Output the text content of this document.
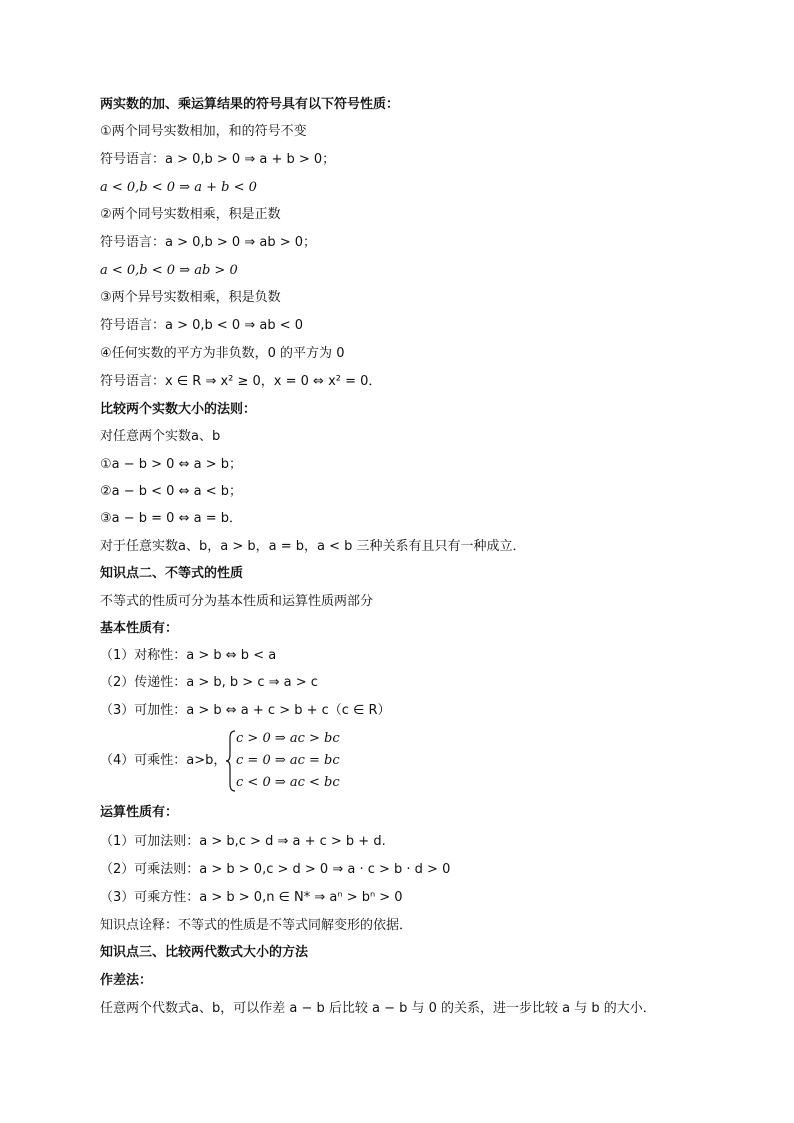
两实数的加、乘运算结果的符号具有以下符号性质：
①两个同号实数相加，和的符号不变
符号语言：a > 0,b > 0 ⇒ a + b > 0；
a < 0,b < 0 ⇒ a + b < 0
②两个同号实数相乘，积是正数
符号语言：a > 0,b > 0 ⇒ ab > 0；
a < 0,b < 0 ⇒ ab > 0
③两个异号实数相乘，积是负数
符号语言：a > 0,b < 0 ⇒ ab < 0
④任何实数的平方为非负数，0 的平方为 0
符号语言：x ∈ R ⇒ x² ≥ 0，x = 0 ⇔ x² = 0．
比较两个实数大小的法则：
对任意两个实数a、b
①a − b > 0 ⇔ a > b；
②a − b < 0 ⇔ a < b；
③a − b = 0 ⇔ a = b．
对于任意实数a、b，a > b，a = b，a < b 三种关系有且只有一种成立．
知识点二、不等式的性质
不等式的性质可分为基本性质和运算性质两部分
基本性质有：
（1）对称性：a > b ⇔ b < a
（2）传递性：a > b, b > c ⇒ a > c
（3）可加性：a > b ⇔ a + c > b + c（c ∈ R）
（4）可乘性：a>b，
c > 0 ⇒ ac > bc
c = 0 ⇒ ac = bc
c < 0 ⇒ ac < bc
运算性质有：
（1）可加法则：a > b,c > d ⇒ a + c > b + d.
（2）可乘法则：a > b > 0,c > d > 0 ⇒ a · c > b · d > 0
（3）可乘方性：a > b > 0,n ∈ N* ⇒ aⁿ > bⁿ > 0
知识点诠释：不等式的性质是不等式同解变形的依据．
知识点三、比较两代数式大小的方法
作差法：
任意两个代数式a、b，可以作差 a − b 后比较 a − b 与 0 的关系，进一步比较 a 与 b 的大小．
